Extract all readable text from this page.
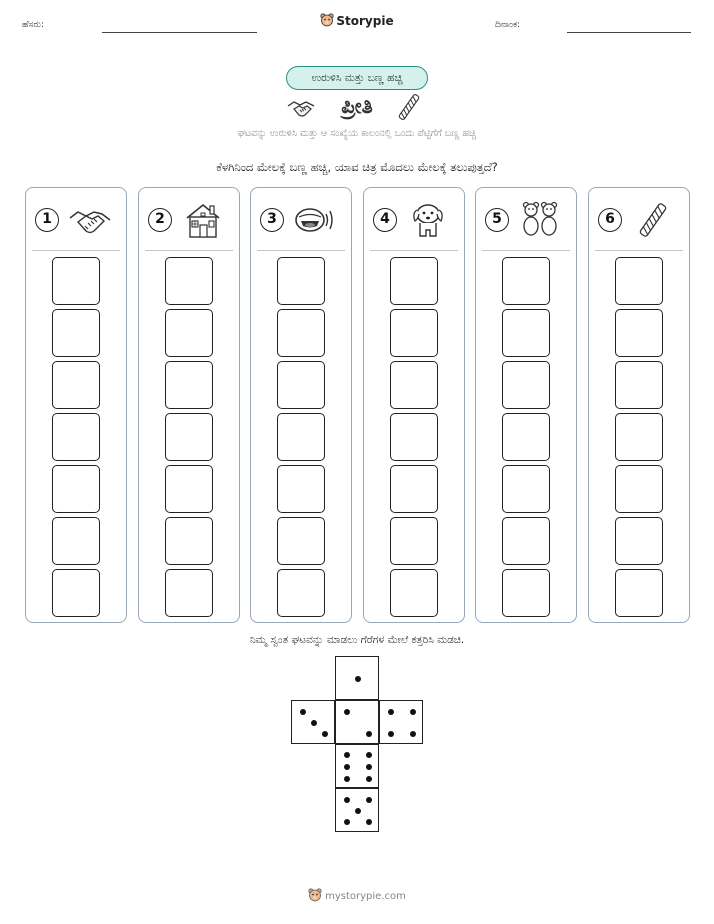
ಹೆಸರು:	Storypie	ದಿನಾಂಕ:
ಉರುಳಿಸಿ ಮತ್ತು ಬಣ್ಣ ಹಚ್ಚಿ
ಪ್ರೀತಿ
ಘಟವನ್ನು ಉರುಳಿಸಿ ಮತ್ತು ಆ ಸಂಖ್ಯೆಯ ಕಾಲಂನಲ್ಲಿ ಒಂದು ಪೆಟ್ಟಿಗೆಗೆ ಬಣ್ಣ ಹಚ್ಚಿ
ಕೆಳಗಿನಿಂದ ಮೇಲಕ್ಕೆ ಬಣ್ಣ ಹಚ್ಚಿ, ಯಾವ ಚಿತ್ರ ಮೊದಲು ಮೇಲಕ್ಕೆ ತಲುಪುತ್ತದೆ?
1	2	3	4	5	6
ನಿಮ್ಮ ಸ್ವಂತ ಘಟವನ್ನು ಮಾಡಲು ಗೆರೆಗಳ ಮೇಲೆ ಕತ್ತರಿಸಿ ಮಡಚಿ.
mystorypie.com
